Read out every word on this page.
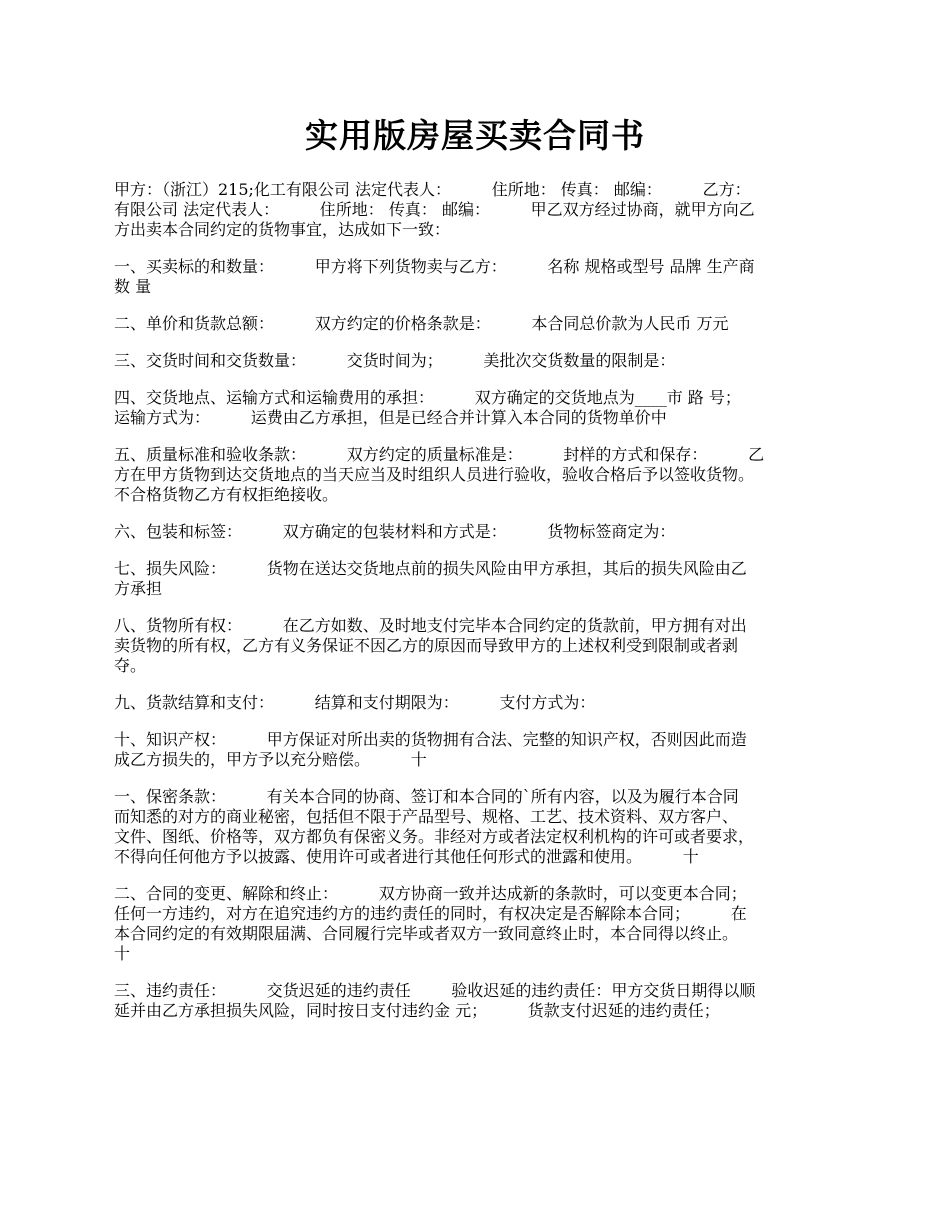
实用版房屋买卖合同书

甲方：（浙江）215;化工有限公司 法定代表人：        住所地： 传真： 邮编：        乙方：
有限公司 法定代表人：        住所地： 传真： 邮编：        甲乙双方经过协商，就甲方向乙
方出卖本合同约定的货物事宜，达成如下一致：

一、买卖标的和数量：        甲方将下列货物卖与乙方：        名称 规格或型号 品牌 生产商
数 量

二、单价和货款总额：        双方约定的价格条款是：        本合同总价款为人民币 万元

三、交货时间和交货数量：        交货时间为；        美批次交货数量的限制是：

四、交货地点、运输方式和运输费用的承担：        双方确定的交货地点为____市 路 号；
运输方式为：        运费由乙方承担，但是已经合并计算入本合同的货物单价中

五、质量标准和验收条款：        双方约定的质量标准是：        封样的方式和保存：        乙
方在甲方货物到达交货地点的当天应当及时组织人员进行验收，验收合格后予以签收货物。
不合格货物乙方有权拒绝接收。

六、包装和标签：        双方确定的包装材料和方式是：        货物标签商定为：

七、损失风险：        货物在送达交货地点前的损失风险由甲方承担，其后的损失风险由乙
方承担

八、货物所有权：        在乙方如数、及时地支付完毕本合同约定的货款前，甲方拥有对出
卖货物的所有权，乙方有义务保证不因乙方的原因而导致甲方的上述权利受到限制或者剥
夺。

九、货款结算和支付：        结算和支付期限为：        支付方式为：

十、知识产权：        甲方保证对所出卖的货物拥有合法、完整的知识产权，否则因此而造
成乙方损失的，甲方予以充分赔偿。        十

一、保密条款：        有关本合同的协商、签订和本合同的`所有内容，以及为履行本合同
而知悉的对方的商业秘密，包括但不限于产品型号、规格、工艺、技术资料、双方客户、
文件、图纸、价格等，双方都负有保密义务。非经对方或者法定权利机构的许可或者要求，
不得向任何他方予以披露、使用许可或者进行其他任何形式的泄露和使用。        十

二、合同的变更、解除和终止：        双方协商一致并达成新的条款时，可以变更本合同；
任何一方违约，对方在追究违约方的违约责任的同时，有权决定是否解除本合同；        在
本合同约定的有效期限届满、合同履行完毕或者双方一致同意终止时，本合同得以终止。
十

三、违约责任：        交货迟延的违约责任        验收迟延的违约责任：甲方交货日期得以顺
延并由乙方承担损失风险，同时按日支付违约金 元；        货款支付迟延的违约责任；
